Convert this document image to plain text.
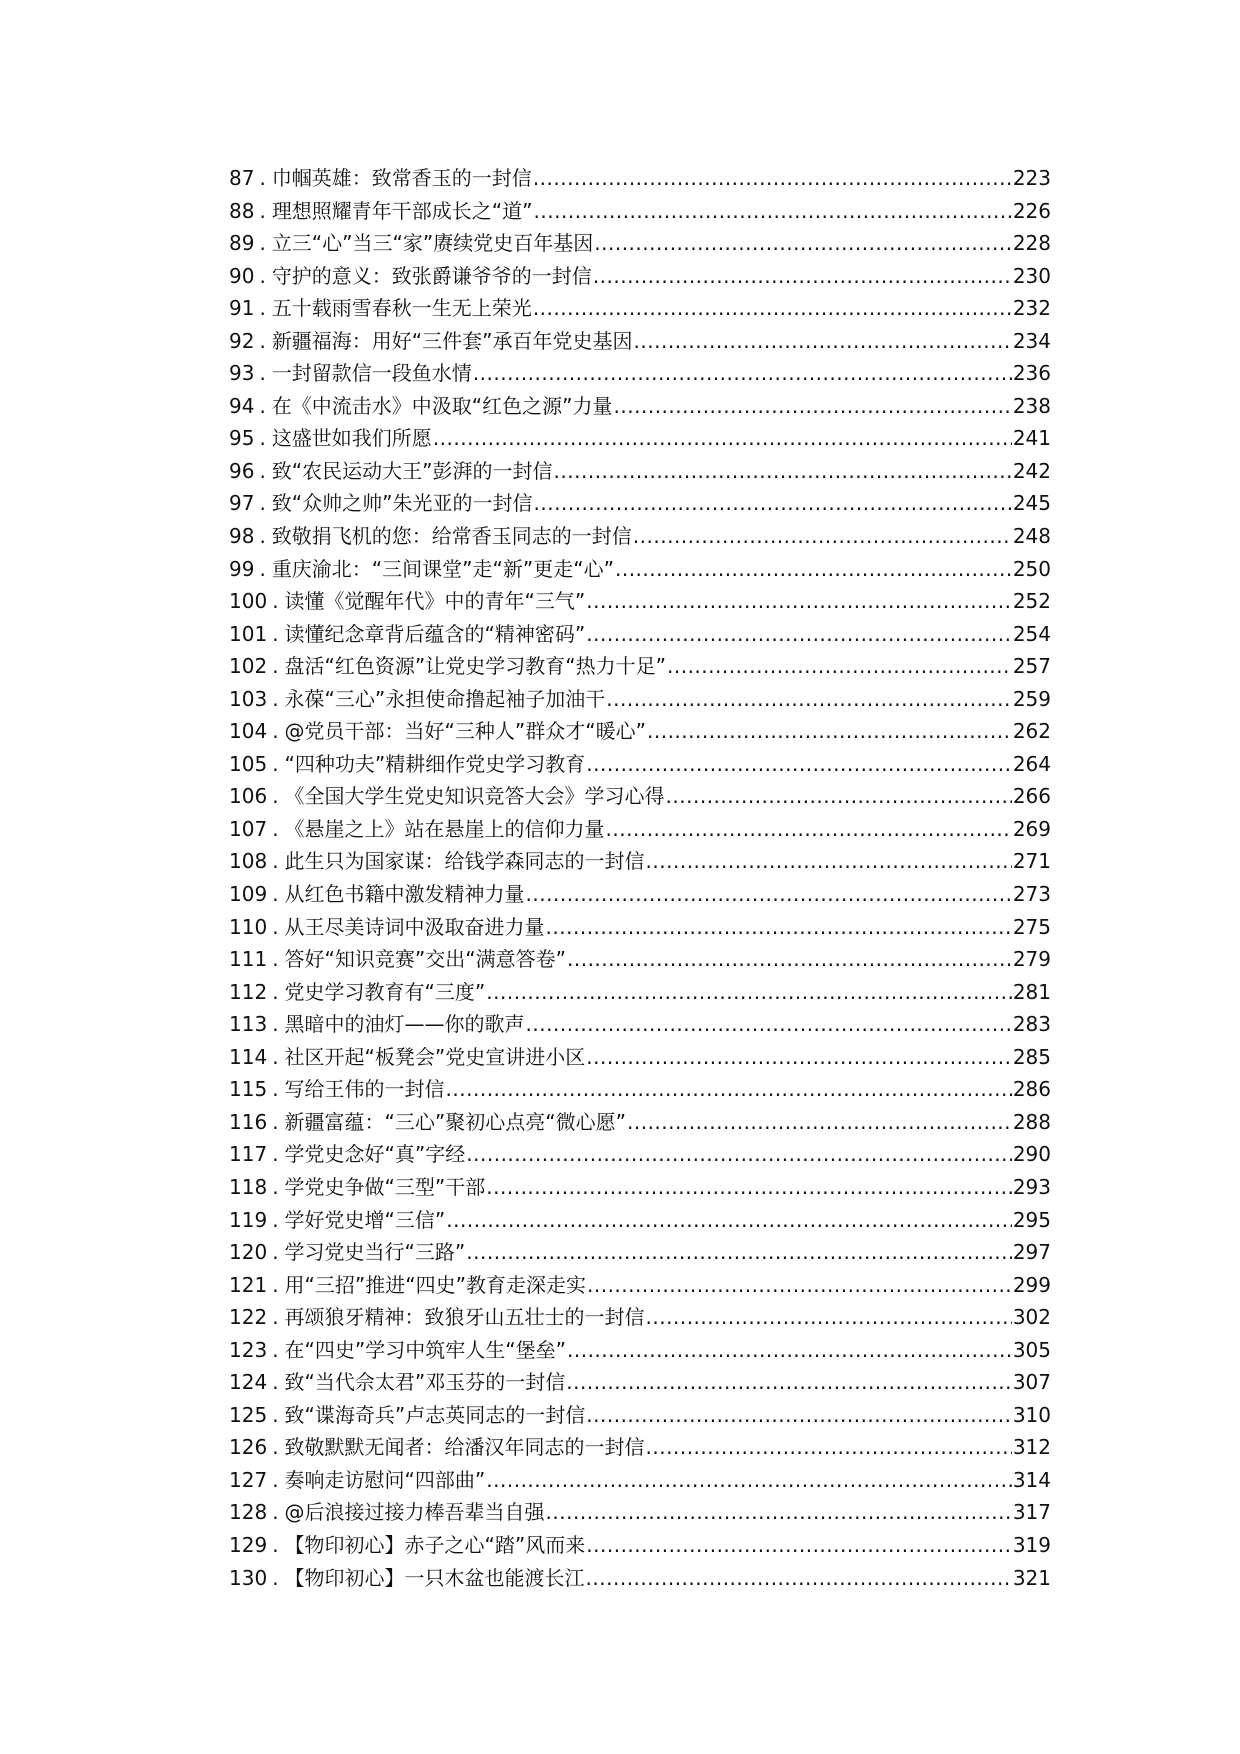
87 . 巾帼英雄：致常香玉的一封信 .....	223
88 . 理想照耀青年干部成长之“道” .....	226
89 . 立三“心”当三“家”赓续党史百年基因 .....	228
90 . 守护的意义：致张爵谦爷爷的一封信 .....	230
91 . 五十载雨雪春秋一生无上荣光 .....	232
92 . 新疆福海：用好“三件套”承百年党史基因 .....	234
93 . 一封留款信一段鱼水情 .....	236
94 . 在《中流击水》中汲取“红色之源”力量 .....	238
95 . 这盛世如我们所愿 .....	241
96 . 致“农民运动大王”彭湃的一封信 .....	242
97 . 致“众帅之帅”朱光亚的一封信 .....	245
98 . 致敬捐飞机的您：给常香玉同志的一封信 .....	248
99 . 重庆渝北：“三间课堂”走“新”更走“心” .....	250
100 . 读懂《觉醒年代》中的青年“三气” .....	252
101 . 读懂纪念章背后蕴含的“精神密码” .....	254
102 . 盘活“红色资源”让党史学习教育“热力十足” .....	257
103 . 永葆“三心”永担使命撸起袖子加油干 .....	259
104 . @党员干部：当好“三种人”群众才“暖心” .....	262
105 . “四种功夫”精耕细作党史学习教育 .....	264
106 . 《全国大学生党史知识竞答大会》学习心得 .....	266
107 . 《悬崖之上》站在悬崖上的信仰力量 .....	269
108 . 此生只为国家谋：给钱学森同志的一封信 .....	271
109 . 从红色书籍中激发精神力量 .....	273
110 . 从王尽美诗词中汲取奋进力量 .....	275
111 . 答好“知识竞赛”交出“满意答卷” .....	279
112 . 党史学习教育有“三度” .....	281
113 . 黑暗中的油灯——你的歌声 .....	283
114 . 社区开起“板凳会”党史宣讲进小区 .....	285
115 . 写给王伟的一封信 .....	286
116 . 新疆富蕴：“三心”聚初心点亮“微心愿” .....	288
117 . 学党史念好“真”字经 .....	290
118 . 学党史争做“三型”干部 .....	293
119 . 学好党史增“三信” .....	295
120 . 学习党史当行“三路” .....	297
121 . 用“三招”推进“四史”教育走深走实 .....	299
122 . 再颂狼牙精神：致狼牙山五壮士的一封信 .....	302
123 . 在“四史”学习中筑牢人生“堡垒” .....	305
124 . 致“当代佘太君”邓玉芬的一封信 .....	307
125 . 致“谍海奇兵”卢志英同志的一封信 .....	310
126 . 致敬默默无闻者：给潘汉年同志的一封信 .....	312
127 . 奏响走访慰问“四部曲” .....	314
128 . @后浪接过接力棒吾辈当自强 .....	317
129 . 【物印初心】赤子之心“踏”风而来 .....	319
130 . 【物印初心】一只木盆也能渡长江 .....	321
